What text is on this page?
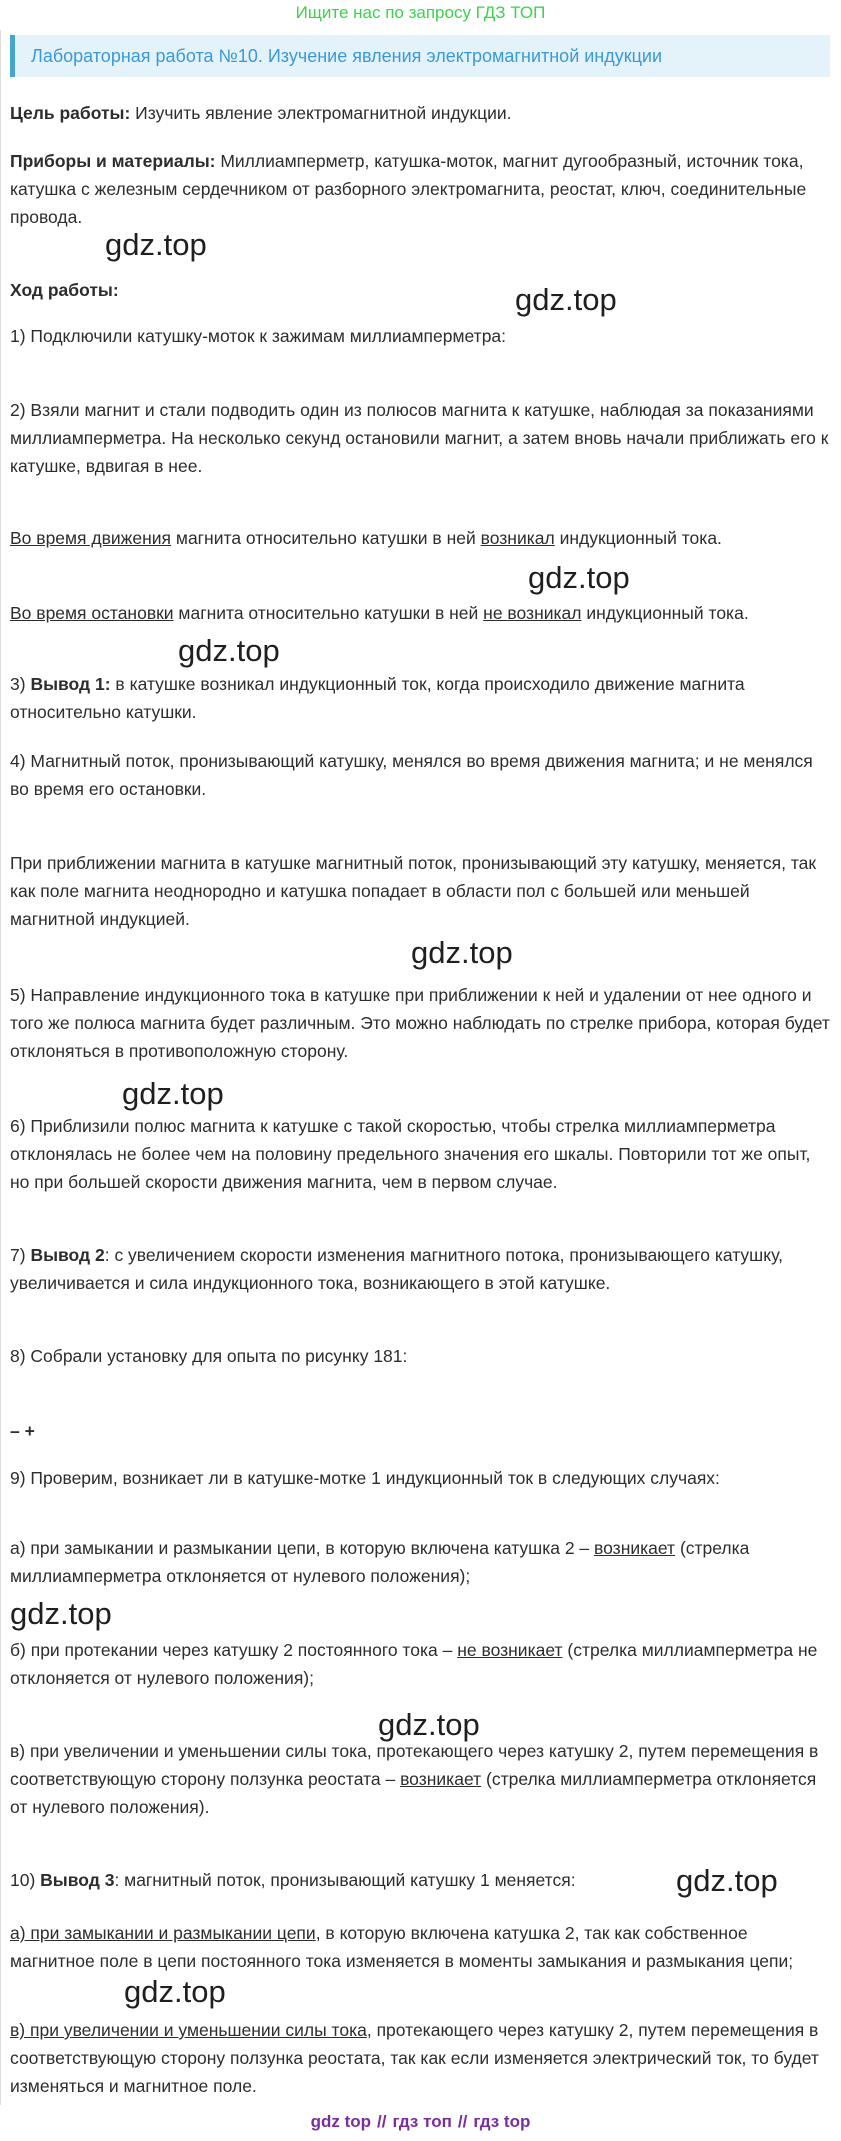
Ищите нас по запросу ГДЗ ТОП
Лабораторная работа №10. Изучение явления электромагнитной индукции
Цель работы: Изучить явление электромагнитной индукции.
Приборы и материалы: Миллиамперметр, катушка-моток, магнит дугообразный, источник тока, катушка с железным сердечником от разборного электромагнита, реостат, ключ, соединительные провода.
Ход работы:
1) Подключили катушку-моток к зажимам миллиамперметра:
2) Взяли магнит и стали подводить один из полюсов магнита к катушке, наблюдая за показаниями миллиамперметра. На несколько секунд остановили магнит, а затем вновь начали приближать его к катушке, вдвигая в нее.
Во время движения магнита относительно катушки в ней возникал индукционный тока.
Во время остановки магнита относительно катушки в ней не возникал индукционный тока.
3) Вывод 1: в катушке возникал индукционный ток, когда происходило движение магнита относительно катушки.
4) Магнитный поток, пронизывающий катушку, менялся во время движения магнита; и не менялся во время его остановки.
При приближении магнита в катушке магнитный поток, пронизывающий эту катушку, меняется, так как поле магнита неоднородно и катушка попадает в области пол с большей или меньшей магнитной индукцией.
5) Направление индукционного тока в катушке при приближении к ней и удалении от нее одного и того же полюса магнита будет различным. Это можно наблюдать по стрелке прибора, которая будет отклоняться в противоположную сторону.
6) Приблизили полюс магнита к катушке с такой скоростью, чтобы стрелка миллиамперметра отклонялась не более чем на половину предельного значения его шкалы. Повторили тот же опыт, но при большей скорости движения магнита, чем в первом случае.
7) Вывод 2: с увеличением скорости изменения магнитного потока, пронизывающего катушку, увеличивается и сила индукционного тока, возникающего в этой катушке.
8) Собрали установку для опыта по рисунку 181:
– +
9) Проверим, возникает ли в катушке-мотке 1 индукционный ток в следующих случаях:
а) при замыкании и размыкании цепи, в которую включена катушка 2 – возникает (стрелка миллиамперметра отклоняется от нулевого положения);
б) при протекании через катушку 2 постоянного тока – не возникает (стрелка миллиамперметра не отклоняется от нулевого положения);
в) при увеличении и уменьшении силы тока, протекающего через катушку 2, путем перемещения в соответствующую сторону ползунка реостата – возникает (стрелка миллиамперметра отклоняется от нулевого положения).
10) Вывод 3: магнитный поток, пронизывающий катушку 1 меняется:
а) при замыкании и размыкании цепи, в которую включена катушка 2, так как собственное магнитное поле в цепи постоянного тока изменяется в моменты замыкания и размыкания цепи;
в) при увеличении и уменьшении силы тока, протекающего через катушку 2, путем перемещения в соответствующую сторону ползунка реостата, так как если изменяется электрический ток, то будет изменяться и магнитное поле.
gdz.top
gdz.top
gdz.top
gdz.top
gdz.top
gdz.top
gdz.top
gdz.top
gdz.top
gdz.top
gdz top // гдз топ // гдз top
